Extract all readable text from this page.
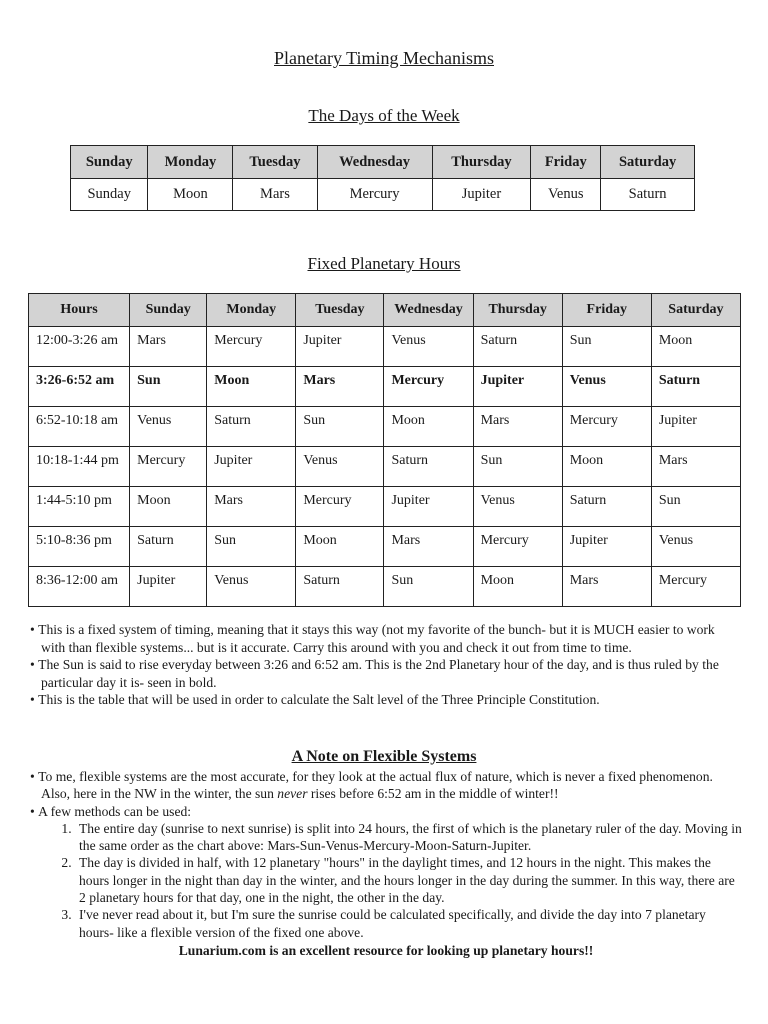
Planetary Timing Mechanisms
The Days of the Week
Sunday	Monday	Tuesday	Wednesday	Thursday	Friday	Saturday
Sunday	Moon	Mars	Mercury	Jupiter	Venus	Saturn
Fixed Planetary Hours
Hours	Sunday	Monday	Tuesday	Wednesday	Thursday	Friday	Saturday
12:00-3:26 am	Mars	Mercury	Jupiter	Venus	Saturn	Sun	Moon
3:26-6:52 am	Sun	Moon	Mars	Mercury	Jupiter	Venus	Saturn
6:52-10:18 am	Venus	Saturn	Sun	Moon	Mars	Mercury	Jupiter
10:18-1:44 pm	Mercury	Jupiter	Venus	Saturn	Sun	Moon	Mars
1:44-5:10 pm	Moon	Mars	Mercury	Jupiter	Venus	Saturn	Sun
5:10-8:36 pm	Saturn	Sun	Moon	Mars	Mercury	Jupiter	Venus
8:36-12:00 am	Jupiter	Venus	Saturn	Sun	Moon	Mars	Mercury
• This is a fixed system of timing, meaning that it stays this way (not my favorite of the bunch- but it is MUCH easier to work with than flexible systems... but is it accurate. Carry this around with you and check it out from time to time.
• The Sun is said to rise everyday between 3:26 and 6:52 am. This is the 2nd Planetary hour of the day, and is thus ruled by the particular day it is- seen in bold.
• This is the table that will be used in order to calculate the Salt level of the Three Principle Constitution.
A Note on Flexible Systems
• To me, flexible systems are the most accurate, for they look at the actual flux of nature, which is never a fixed phenomenon. Also, here in the NW in the winter, the sun never rises before 6:52 am in the middle of winter!!
• A few methods can be used:
1. The entire day (sunrise to next sunrise) is split into 24 hours, the first of which is the planetary ruler of the day. Moving in the same order as the chart above: Mars-Sun-Venus-Mercury-Moon-Saturn-Jupiter.
2. The day is divided in half, with 12 planetary "hours" in the daylight times, and 12 hours in the night. This makes the hours longer in the night than day in the winter, and the hours longer in the day during the summer. In this way, there are 2 planetary hours for that day, one in the night, the other in the day.
3. I've never read about it, but I'm sure the sunrise could be calculated specifically, and divide the day into 7 planetary hours- like a flexible version of the fixed one above.
Lunarium.com is an excellent resource for looking up planetary hours!!
